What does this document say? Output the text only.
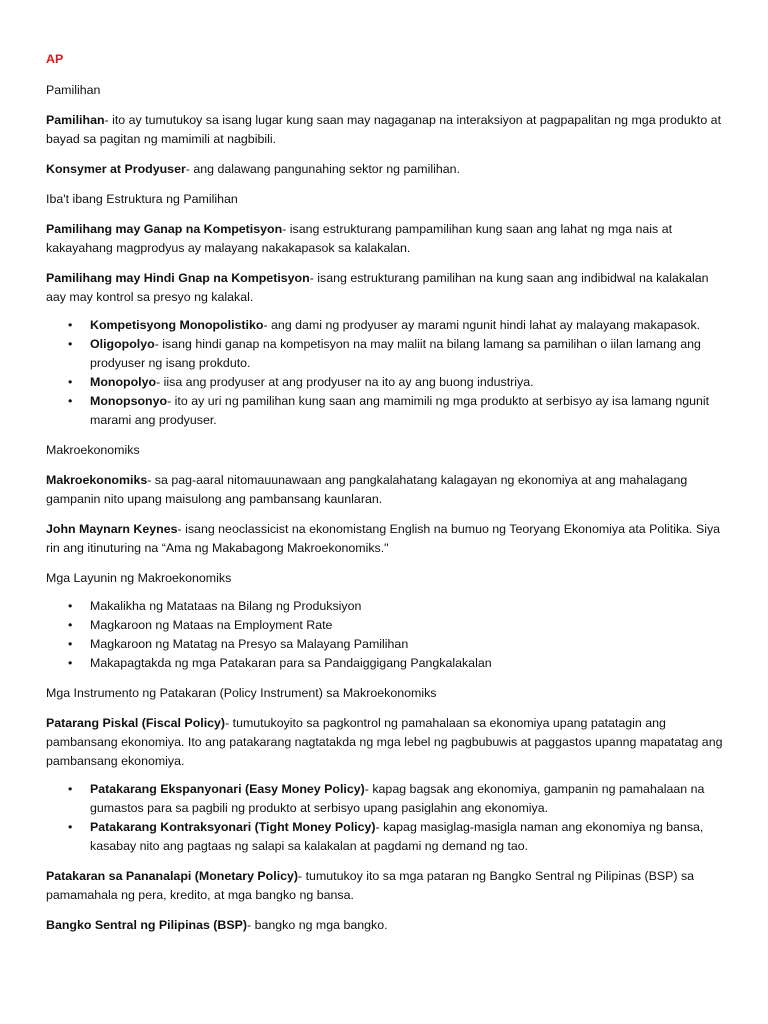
AP
Pamilihan
Pamilihan- ito ay tumutukoy sa isang lugar kung saan may nagaganap na interaksiyon at pagpapalitan ng mga produkto at bayad sa pagitan ng mamimili at nagbibili.
Konsymer at Prodyuser- ang dalawang pangunahing sektor ng pamilihan.
Iba't ibang Estruktura ng Pamilihan
Pamilihang may Ganap na Kompetisyon- isang estrukturang pampamilihan kung saan ang lahat ng mga nais at kakayahang magprodyus ay malayang nakakapasok sa kalakalan.
Pamilihang may Hindi Gnap na Kompetisyon- isang estrukturang pamilihan na kung saan ang indibidwal na kalakalan aay may kontrol sa presyo ng kalakal.
• Kompetisyong Monopolistiko- ang dami ng prodyuser ay marami ngunit hindi lahat ay malayang makapasok.
• Oligopolyo- isang hindi ganap na kompetisyon na may maliit na bilang lamang sa pamilihan o iilan lamang ang prodyuser ng isang prokduto.
• Monopolyo- iisa ang prodyuser at ang prodyuser na ito ay ang buong industriya.
• Monopsonyo- ito ay uri ng pamilihan kung saan ang mamimili ng mga produkto at serbisyo ay isa lamang ngunit marami ang prodyuser.
Makroekonomiks
Makroekonomiks- sa pag-aaral nitomauunawaan ang pangkalahatang kalagayan ng ekonomiya at ang mahalagang gampanin nito upang maisulong ang pambansang kaunlaran.
John Maynarn Keynes- isang neoclassicist na ekonomistang English na bumuo ng Teoryang Ekonomiya ata Politika. Siya rin ang itinuturing na “Ama ng Makabagong Makroekonomiks."
Mga Layunin ng Makroekonomiks
• Makalikha ng Matataas na Bilang ng Produksiyon
• Magkaroon ng Mataas na Employment Rate
• Magkaroon ng Matatag na Presyo sa Malayang Pamilihan
• Makapagtakda ng mga Patakaran para sa Pandaiggigang Pangkalakalan
Mga Instrumento ng Patakaran (Policy Instrument) sa Makroekonomiks
Patarang Piskal (Fiscal Policy)- tumutukoyito sa pagkontrol ng pamahalaan sa ekonomiya upang patatagin ang pambansang ekonomiya. Ito ang patakarang nagtatakda ng mga lebel ng pagbubuwis at paggastos upanng mapatatag ang pambansang ekonomiya.
• Patakarang Ekspanyonari (Easy Money Policy)- kapag bagsak ang ekonomiya, gampanin ng pamahalaan na gumastos para sa pagbili ng produkto at serbisyo upang pasiglahin ang ekonomiya.
• Patakarang Kontraksyonari (Tight Money Policy)- kapag masiglag-masigla naman ang ekonomiya ng bansa, kasabay nito ang pagtaas ng salapi sa kalakalan at pagdami ng demand ng tao.
Patakaran sa Pananalapi (Monetary Policy)- tumutukoy ito sa mga pataran ng Bangko Sentral ng Pilipinas (BSP) sa pamamahala ng pera, kredito, at mga bangko ng bansa.
Bangko Sentral ng Pilipinas (BSP)- bangko ng mga bangko.
